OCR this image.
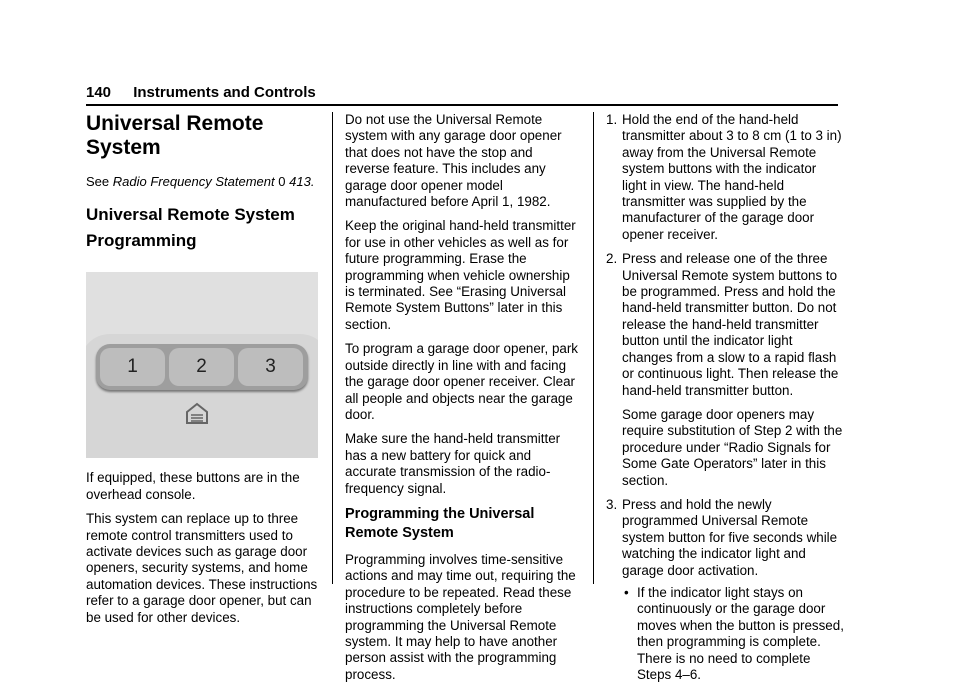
140 Instruments and Controls
Universal Remote System
See Radio Frequency Statement 0 413.
Universal Remote System Programming
1	2	3

If equipped, these buttons are in the overhead console.

This system can replace up to three remote control transmitters used to activate devices such as garage door openers, security systems, and home automation devices. These instructions refer to a garage door opener, but can be used for other devices.

Do not use the Universal Remote system with any garage door opener that does not have the stop and reverse feature. This includes any garage door opener model manufactured before April 1, 1982.

Keep the original hand-held transmitter for use in other vehicles as well as for future programming. Erase the programming when vehicle ownership is terminated. See “Erasing Universal Remote System Buttons” later in this section.

To program a garage door opener, park outside directly in line with and facing the garage door opener receiver. Clear all people and objects near the garage door.

Make sure the hand-held transmitter has a new battery for quick and accurate transmission of the radio-frequency signal.

Programming the Universal Remote System

Programming involves time-sensitive actions and may time out, requiring the procedure to be repeated. Read these instructions completely before programming the Universal Remote system. It may help to have another person assist with the programming process.

1. Hold the end of the hand-held transmitter about 3 to 8 cm (1 to 3 in) away from the Universal Remote system buttons with the indicator light in view. The hand-held transmitter was supplied by the manufacturer of the garage door opener receiver.
2. Press and release one of the three Universal Remote system buttons to be programmed. Press and hold the hand-held transmitter button. Do not release the hand-held transmitter button until the indicator light changes from a slow to a rapid flash or continuous light. Then release the hand-held transmitter button.
Some garage door openers may require substitution of Step 2 with the procedure under “Radio Signals for Some Gate Operators” later in this section.
3. Press and hold the newly programmed Universal Remote system button for five seconds while watching the indicator light and garage door activation.
• If the indicator light stays on continuously or the garage door moves when the button is pressed, then programming is complete. There is no need to complete Steps 4–6.
